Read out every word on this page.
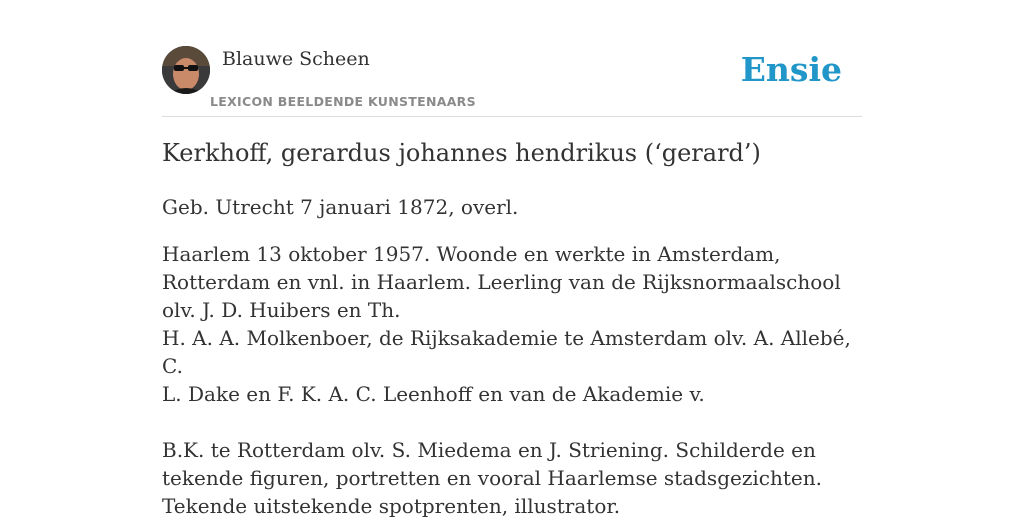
Blauwe Scheen
LEXICON BEELDENDE KUNSTENAARS
Ensie
Kerkhoff, gerardus johannes hendrikus (‘gerard’)

Geb. Utrecht 7 januari 1872, overl.

Haarlem 13 oktober 1957. Woonde en werkte in Amsterdam, Rotterdam en vnl. in Haarlem. Leerling van de Rijksnormaalschool olv. J. D. Huibers en Th.

H. A. A. Molkenboer, de Rijksakademie te Amsterdam olv. A. Allebé, C.

L. Dake en F. K. A. C. Leenhoff en van de Akademie v.

B.K. te Rotterdam olv. S. Miedema en J. Striening. Schilderde en tekende figuren, portretten en vooral Haarlemse stadsgezichten. Tekende uitstekende spotprenten, illustrator.
